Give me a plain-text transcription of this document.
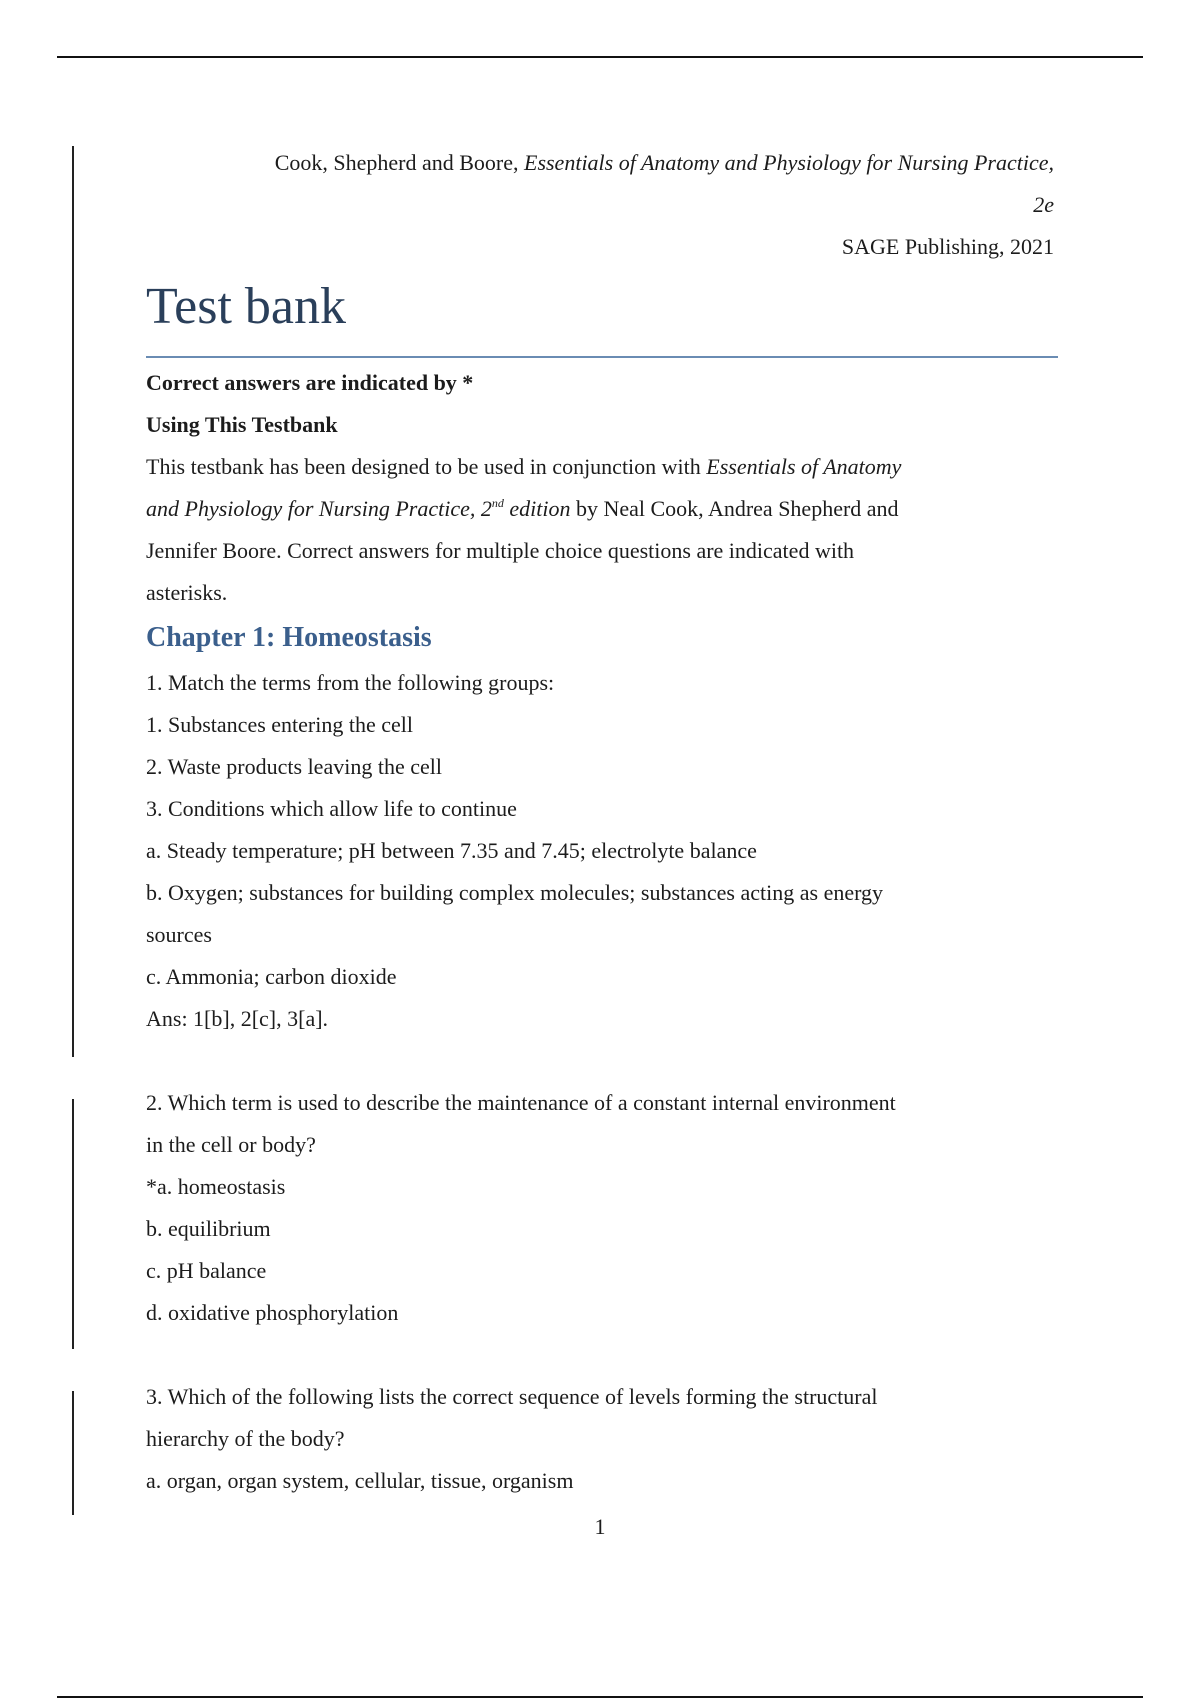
Cook, Shepherd and Boore, Essentials of Anatomy and Physiology for Nursing Practice,
2e
SAGE Publishing, 2021
Test bank
Correct answers are indicated by *
Using This Testbank
This testbank has been designed to be used in conjunction with Essentials of Anatomy
and Physiology for Nursing Practice, 2nd edition by Neal Cook, Andrea Shepherd and
Jennifer Boore. Correct answers for multiple choice questions are indicated with
asterisks.
Chapter 1: Homeostasis
1. Match the terms from the following groups:
1. Substances entering the cell
2. Waste products leaving the cell
3. Conditions which allow life to continue
a. Steady temperature; pH between 7.35 and 7.45; electrolyte balance
b. Oxygen; substances for building complex molecules; substances acting as energy
sources
c. Ammonia; carbon dioxide
Ans: 1[b], 2[c], 3[a].
2. Which term is used to describe the maintenance of a constant internal environment
in the cell or body?
*a. homeostasis
b. equilibrium
c. pH balance
d. oxidative phosphorylation
3. Which of the following lists the correct sequence of levels forming the structural
hierarchy of the body?
a. organ, organ system, cellular, tissue, organism
1
